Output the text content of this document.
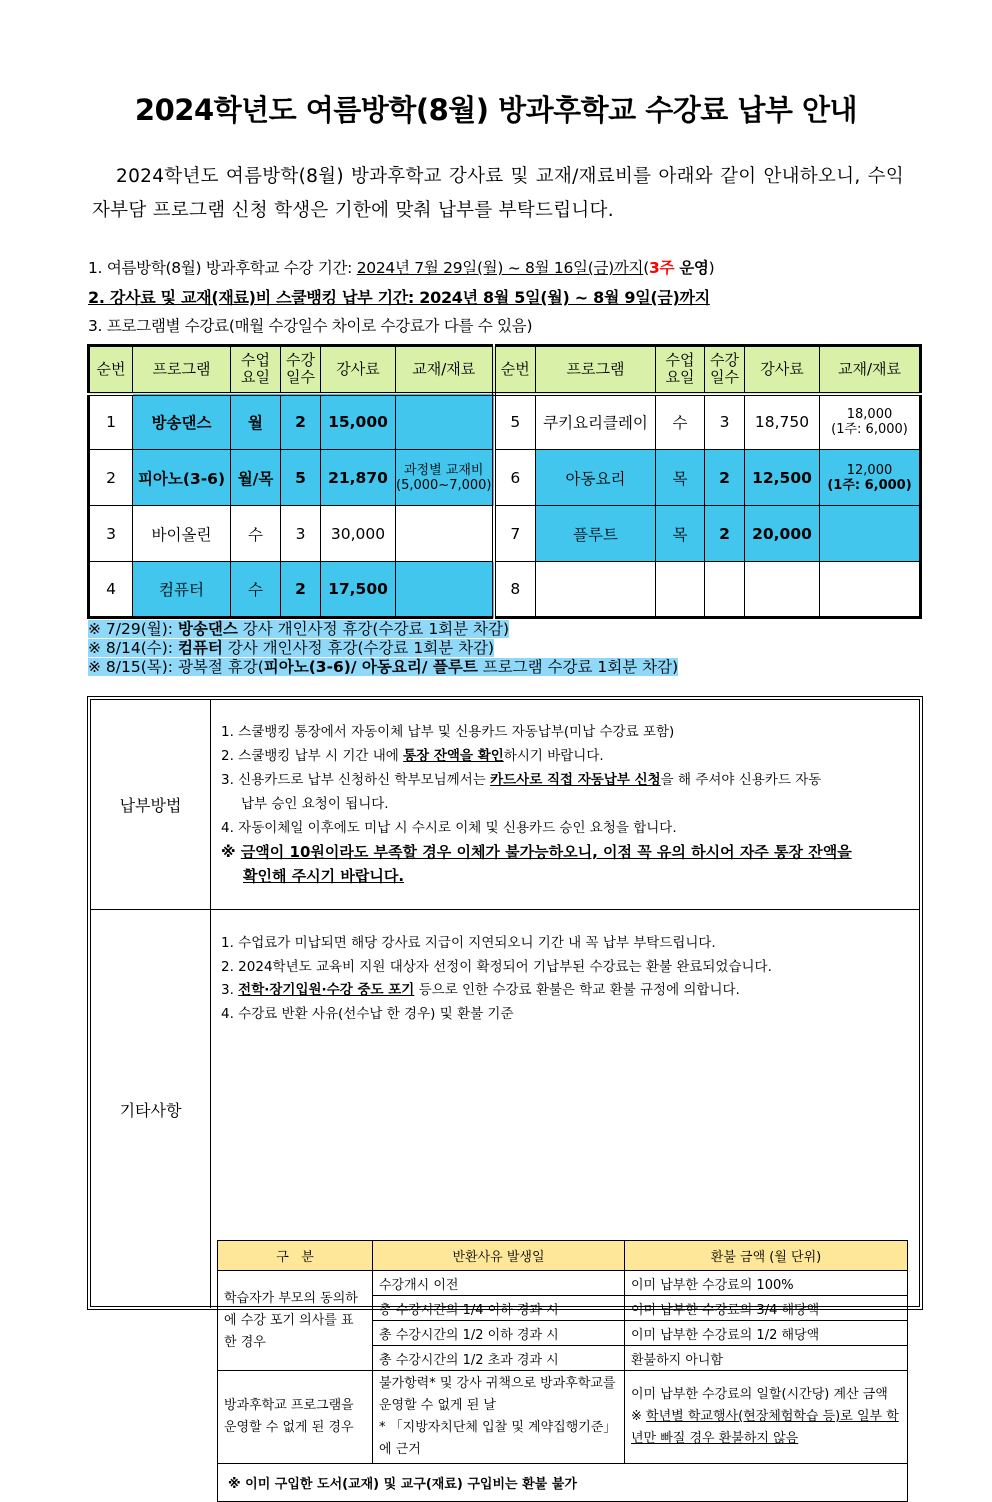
2024학년도 여름방학(8월) 방과후학교 수강료 납부 안내

2024학년도 여름방학(8월) 방과후학교 강사료 및 교재/재료비를 아래와 같이 안내하오니, 수익자부담 프로그램 신청 학생은 기한에 맞춰 납부를 부탁드립니다.

1. 여름방학(8월) 방과후학교 수강 기간: 2024년 7월 29일(월) ~ 8월 16일(금)까지(3주 운영)
2. 강사료 및 교재(재료)비 스쿨뱅킹 납부 기간: 2024년 8월 5일(월) ~ 8월 9일(금)까지
3. 프로그램별 수강료(매월 수강일수 차이로 수강료가 다를 수 있음)
순번	프로그램	수업
요일	수강
일수	강사료	교재/재료	순번	프로그램	수업
요일	수강
일수	강사료	교재/재료
1	방송댄스	월	2	15,000		5	쿠키요리클레이	수	3	18,750	18,000
(1주: 6,000)
2	피아노(3-6)	월/목	5	21,870	과정별 교재비
(5,000~7,000)	6	아동요리	목	2	12,500	12,000
(1주: 6,000)
3	바이올린	수	3	30,000		7	플루트	목	2	20,000	
4	컴퓨터	수	2	17,500		8					
※ 7/29(월): 방송댄스 강사 개인사정 휴강(수강료 1회분 차감)
※ 8/14(수): 컴퓨터 강사 개인사정 휴강(수강료 1회분 차감)
※ 8/15(목): 광복절 휴강(피아노(3-6)/ 아동요리/ 플루트 프로그램 수강료 1회분 차감)
납부방법
1. 스쿨뱅킹 통장에서 자동이체 납부 및 신용카드 자동납부(미납 수강료 포함)
2. 스쿨뱅킹 납부 시 기간 내에 통장 잔액을 확인하시기 바랍니다.
3. 신용카드로 납부 신청하신 학부모님께서는 카드사로 직접 자동납부 신청을 해 주셔야 신용카드 자동
납부 승인 요청이 됩니다.
4. 자동이체일 이후에도 미납 시 수시로 이체 및 신용카드 승인 요청을 합니다.
※ 금액이 10원이라도 부족할 경우 이체가 불가능하오니, 이점 꼭 유의 하시어 자주 통장 잔액을
확인해 주시기 바랍니다.
기타사항
1. 수업료가 미납되면 해당 강사료 지급이 지연되오니 기간 내 꼭 납부 부탁드립니다.
2. 2024학년도 교육비 지원 대상자 선정이 확정되어 기납부된 수강료는 환불 완료되었습니다.
3. 전학·장기입원·수강 중도 포기 등으로 인한 수강료 환불은 학교 환불 규정에 의합니다.
4. 수강료 반환 사유(선수납 한 경우) 및 환불 기준
구   분	반환사유 발생일	환불 금액 (월 단위)
학습자가 부모의 동의하에 수강 포기 의사를 표한 경우	수강개시 이전	이미 납부한 수강료의 100%
	총 수강시간의 1/4 이하 경과 시	이미 납부한 수강료의 3/4 해당액
	총 수강시간의 1/2 이하 경과 시	이미 납부한 수강료의 1/2 해당액
	총 수강시간의 1/2 초과 경과 시	환불하지 아니함
방과후학교 프로그램을 운영할 수 없게 된 경우	불가항력* 및 강사 귀책으로 방과후학교를 운영할 수 없게 된 날
* 「지방자치단체 입찰 및 계약집행기준」에 근거	이미 납부한 수강료의 일할(시간당) 계산 금액
※ 학년별 학교행사(현장체험학습 등)로 일부 학년만 빠질 경우 환불하지 않음
※ 이미 구입한 도서(교재) 및 교구(재료) 구입비는 환불 불가		
